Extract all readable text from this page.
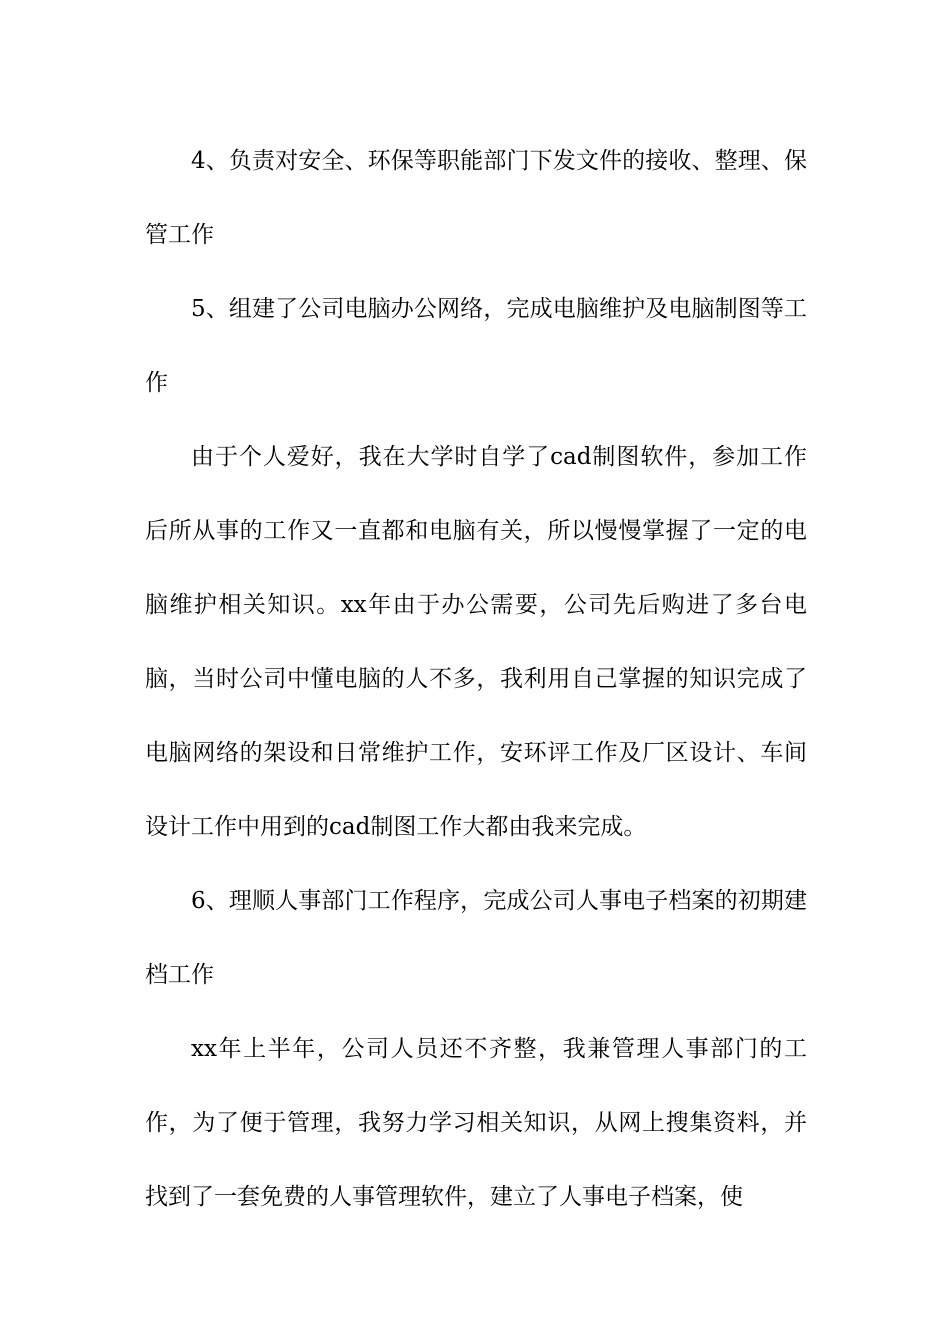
4、负责对安全、环保等职能部门下发文件的接收、整理、保管工作

5、组建了公司电脑办公网络，完成电脑维护及电脑制图等工作

由于个人爱好，我在大学时自学了cad制图软件，参加工作后所从事的工作又一直都和电脑有关，所以慢慢掌握了一定的电脑维护相关知识。xx年由于办公需要，公司先后购进了多台电脑，当时公司中懂电脑的人不多，我利用自己掌握的知识完成了电脑网络的架设和日常维护工作，安环评工作及厂区设计、车间设计工作中用到的cad制图工作大都由我来完成。

6、理顺人事部门工作程序，完成公司人事电子档案的初期建档工作

xx年上半年，公司人员还不齐整，我兼管理人事部门的工作，为了便于管理，我努力学习相关知识，从网上搜集资料，并找到了一套免费的人事管理软件，建立了人事电子档案，使
